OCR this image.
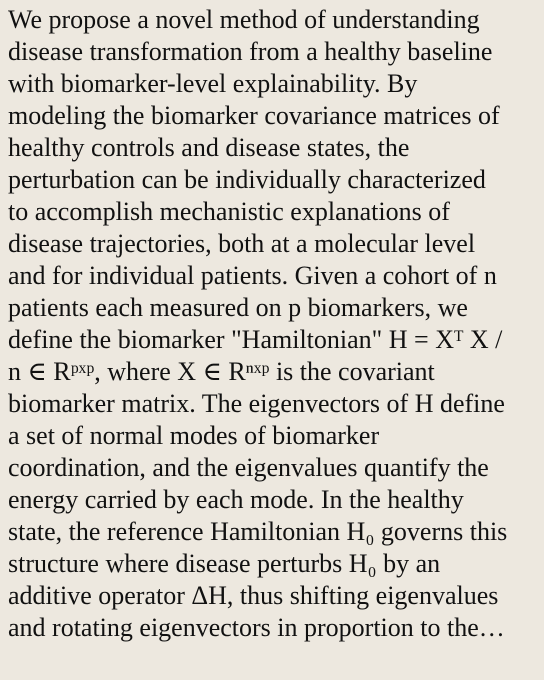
We propose a novel method of understanding
disease transformation from a healthy baseline
with biomarker-level explainability. By
modeling the biomarker covariance matrices of
healthy controls and disease states, the
perturbation can be individually characterized
to accomplish mechanistic explanations of
disease trajectories, both at a molecular level
and for individual patients. Given a cohort of n
patients each measured on p biomarkers, we
define the biomarker "Hamiltonian" H = Xᵀ X /
n ∈ Rᵖˣᵖ, where X ∈ Rⁿˣᵖ is the covariant
biomarker matrix. The eigenvectors of H define
a set of normal modes of biomarker
coordination, and the eigenvalues quantify the
energy carried by each mode. In the healthy
state, the reference Hamiltonian H₀ governs this
structure where disease perturbs H₀ by an
additive operator ΔH, thus shifting eigenvalues
and rotating eigenvectors in proportion to the…
